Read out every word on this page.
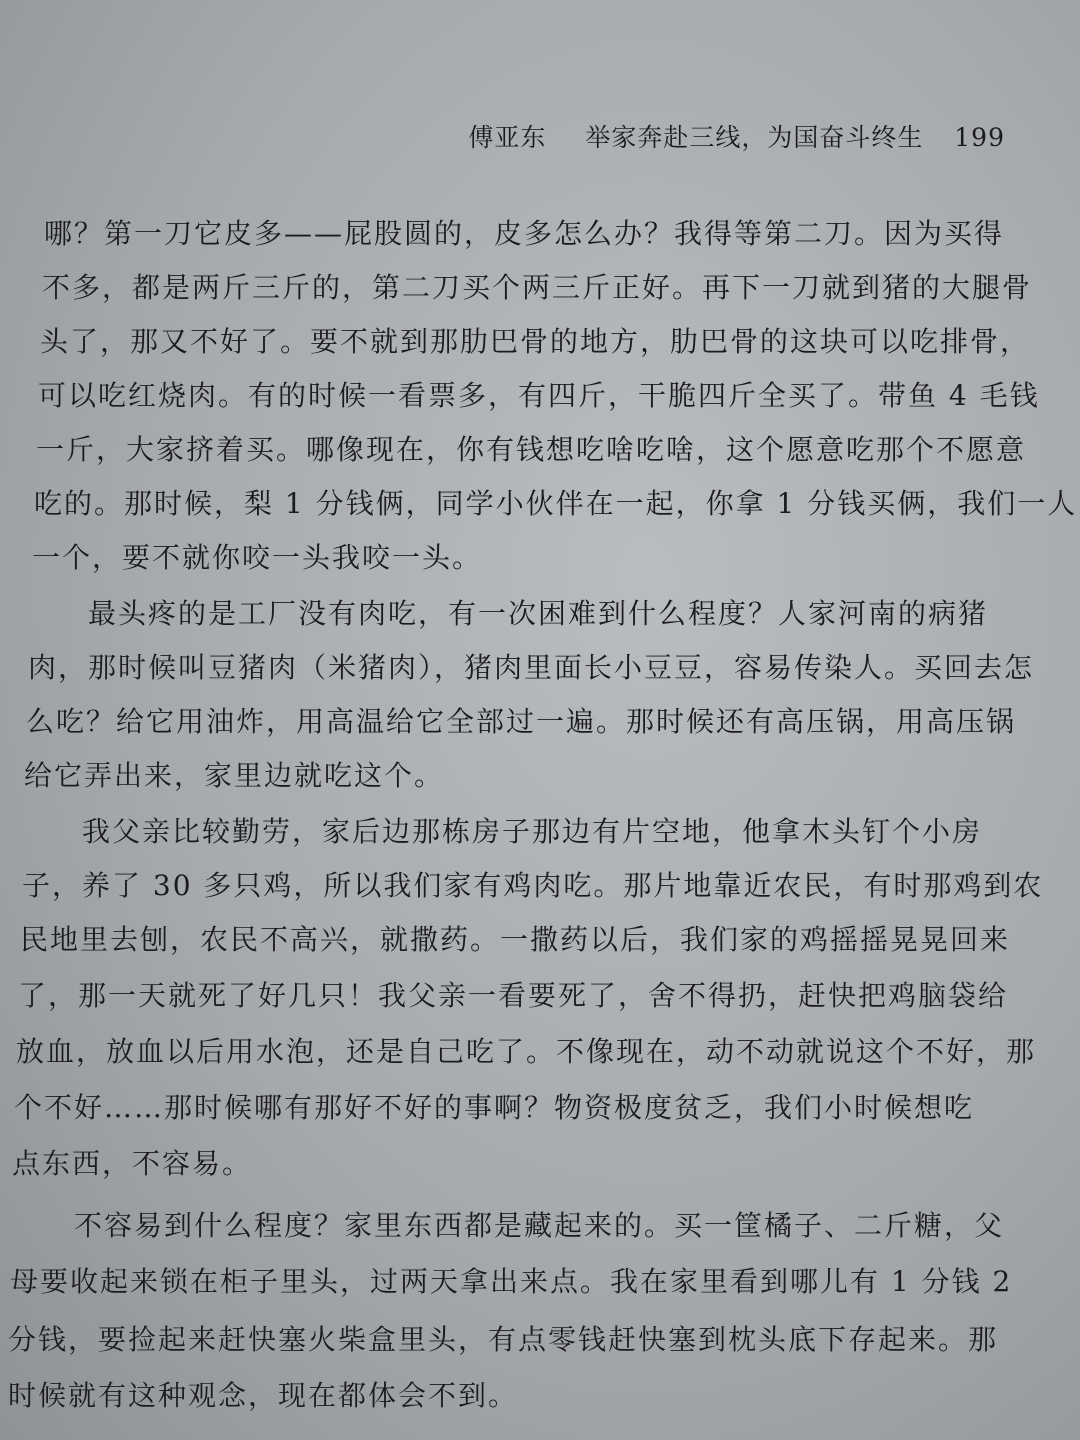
傅亚东 举家奔赴三线，为国奋斗终生 199
哪？第一刀它皮多——屁股圆的，皮多怎么办？我得等第二刀。因为买得
不多，都是两斤三斤的，第二刀买个两三斤正好。再下一刀就到猪的大腿骨
头了，那又不好了。要不就到那肋巴骨的地方，肋巴骨的这块可以吃排骨，
可以吃红烧肉。有的时候一看票多，有四斤，干脆四斤全买了。带鱼 4 毛钱
一斤，大家挤着买。哪像现在，你有钱想吃啥吃啥，这个愿意吃那个不愿意
吃的。那时候，梨 1 分钱俩，同学小伙伴在一起，你拿 1 分钱买俩，我们一人
一个，要不就你咬一头我咬一头。
最头疼的是工厂没有肉吃，有一次困难到什么程度？人家河南的病猪
肉，那时候叫豆猪肉（米猪肉），猪肉里面长小豆豆，容易传染人。买回去怎
么吃？给它用油炸，用高温给它全部过一遍。那时候还有高压锅，用高压锅
给它弄出来，家里边就吃这个。
我父亲比较勤劳，家后边那栋房子那边有片空地，他拿木头钉个小房
子，养了 30 多只鸡，所以我们家有鸡肉吃。那片地靠近农民，有时那鸡到农
民地里去刨，农民不高兴，就撒药。一撒药以后，我们家的鸡摇摇晃晃回来
了，那一天就死了好几只！我父亲一看要死了，舍不得扔，赶快把鸡脑袋给
放血，放血以后用水泡，还是自己吃了。不像现在，动不动就说这个不好，那
个不好……那时候哪有那好不好的事啊？物资极度贫乏，我们小时候想吃
点东西，不容易。
不容易到什么程度？家里东西都是藏起来的。买一筐橘子、二斤糖，父
母要收起来锁在柜子里头，过两天拿出来点。我在家里看到哪儿有 1 分钱 2
分钱，要捡起来赶快塞火柴盒里头，有点零钱赶快塞到枕头底下存起来。那
时候就有这种观念，现在都体会不到。
